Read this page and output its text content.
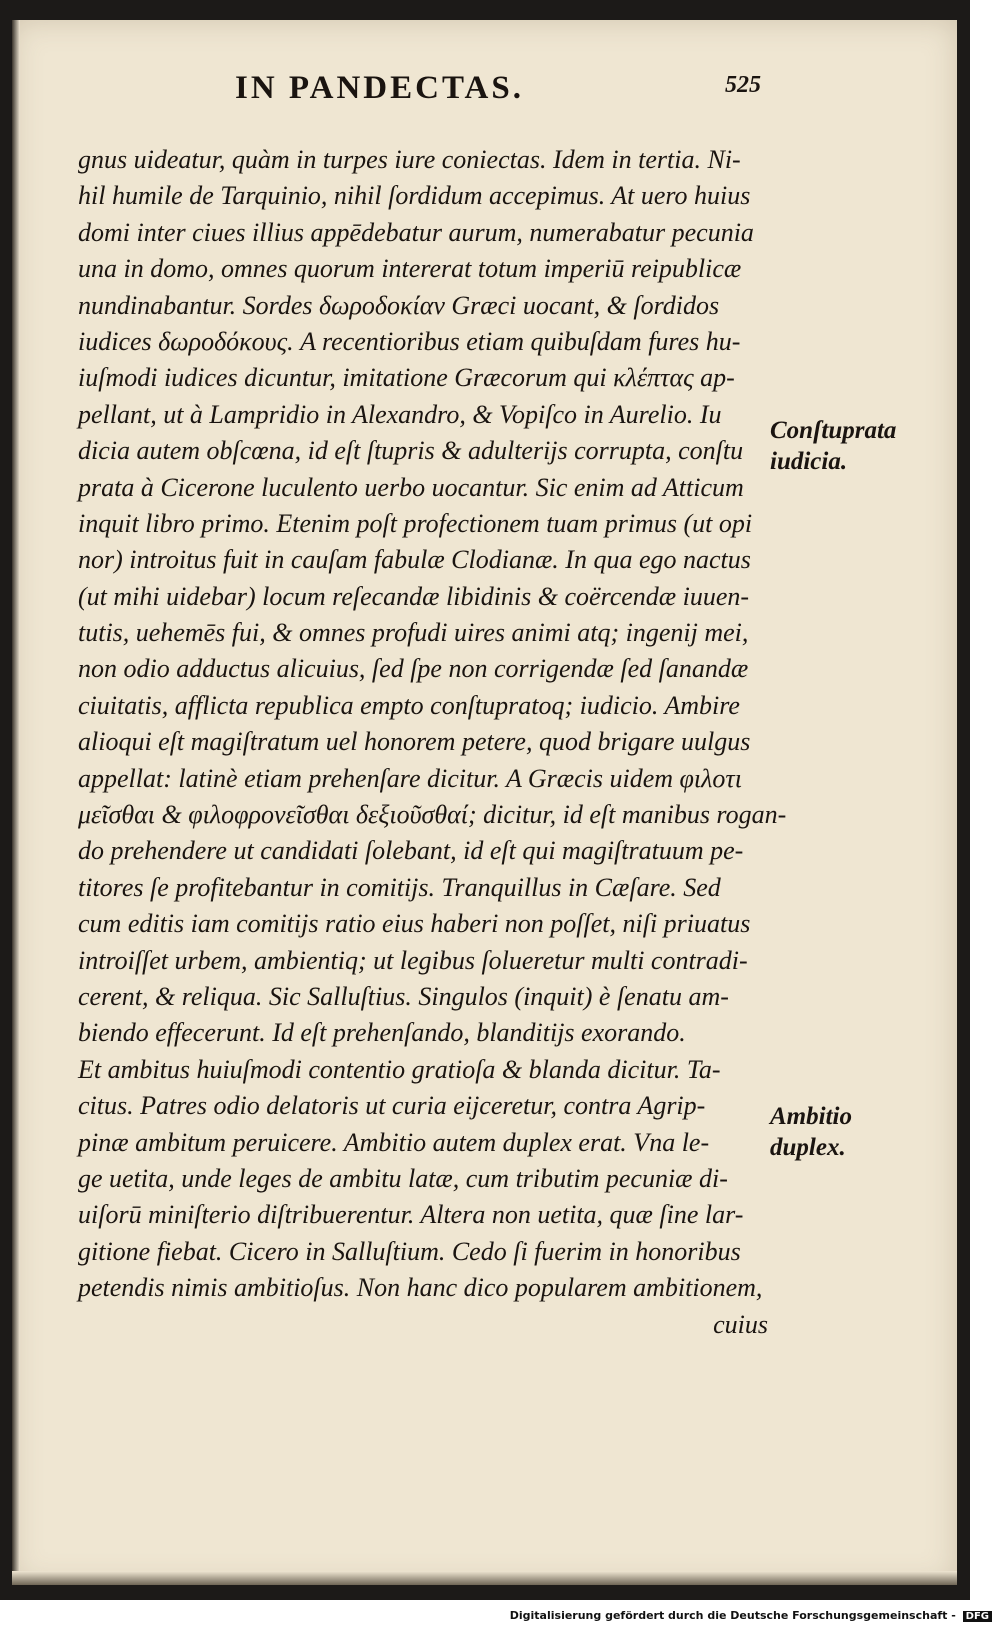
IN PANDECTAS.	525
gnus uideatur, quàm in turpes iure coniectas. Idem in tertia. Ni-
hil humile de Tarquinio, nihil ſordidum accepimus. At uero huius
domi inter ciues illius appēdebatur aurum, numerabatur pecunia
una in domo, omnes quorum intererat totum imperiū reipublicæ
nundinabantur. Sordes δωροδοκίαν Græci uocant, & ſordidos
iudices δωροδόκους. A recentioribus etiam quibuſdam fures hu-
iuſmodi iudices dicuntur, imitatione Græcorum qui κλέπτας ap-
pellant, ut à Lampridio in Alexandro, & Vopiſco in Aurelio. Iu
dicia autem obſcœna, id eſt ſtupris & adulterijs corrupta, conſtu
prata à Cicerone luculento uerbo uocantur. Sic enim ad Atticum
inquit libro primo. Etenim poſt profectionem tuam primus (ut opi
nor) introitus fuit in cauſam fabulæ Clodianæ. In qua ego nactus
(ut mihi uidebar) locum reſecandæ libidinis & coërcendæ iuuen-
tutis, uehemēs fui, & omnes profudi uires animi atq; ingenij mei,
non odio adductus alicuius, ſed ſpe non corrigendæ ſed ſanandæ
ciuitatis, afflicta republica empto conſtupratoq; iudicio. Ambire
alioqui eſt magiſtratum uel honorem petere, quod brigare uulgus
appellat: latinè etiam prehenſare dicitur. A Græcis uidem φιλοτι
μεῖσθαι & φιλοφρονεῖσθαι δεξιοῦσθαί; dicitur, id eſt manibus rogan-
do prehendere ut candidati ſolebant, id eſt qui magiſtratuum pe-
titores ſe profitebantur in comitijs. Tranquillus in Cæſare. Sed
cum editis iam comitijs ratio eius haberi non poſſet, niſi priuatus
introiſſet urbem, ambientiq; ut legibus ſolueretur multi contradi-
cerent, & reliqua. Sic Salluſtius. Singulos (inquit) è ſenatu am-
biendo effecerunt. Id eſt prehenſando, blanditijs exorando.
Et ambitus huiuſmodi contentio gratioſa & blanda dicitur. Ta-
citus. Patres odio delatoris ut curia eijceretur, contra Agrip-
pinæ ambitum peruicere. Ambitio autem duplex erat. Vna le-
ge uetita, unde leges de ambitu latæ, cum tributim pecuniæ di-
uiſorū miniſterio diſtribuerentur. Altera non uetita, quæ ſine lar-
gitione fiebat. Cicero in Salluſtium. Cedo ſi fuerim in honoribus
petendis nimis ambitioſus. Non hanc dico popularem ambitionem,
cuius
Conſtuprata
iudicia.
Ambitio
duplex.
Digitalisierung gefördert durch die Deutsche Forschungsgemeinschaft - DFG
